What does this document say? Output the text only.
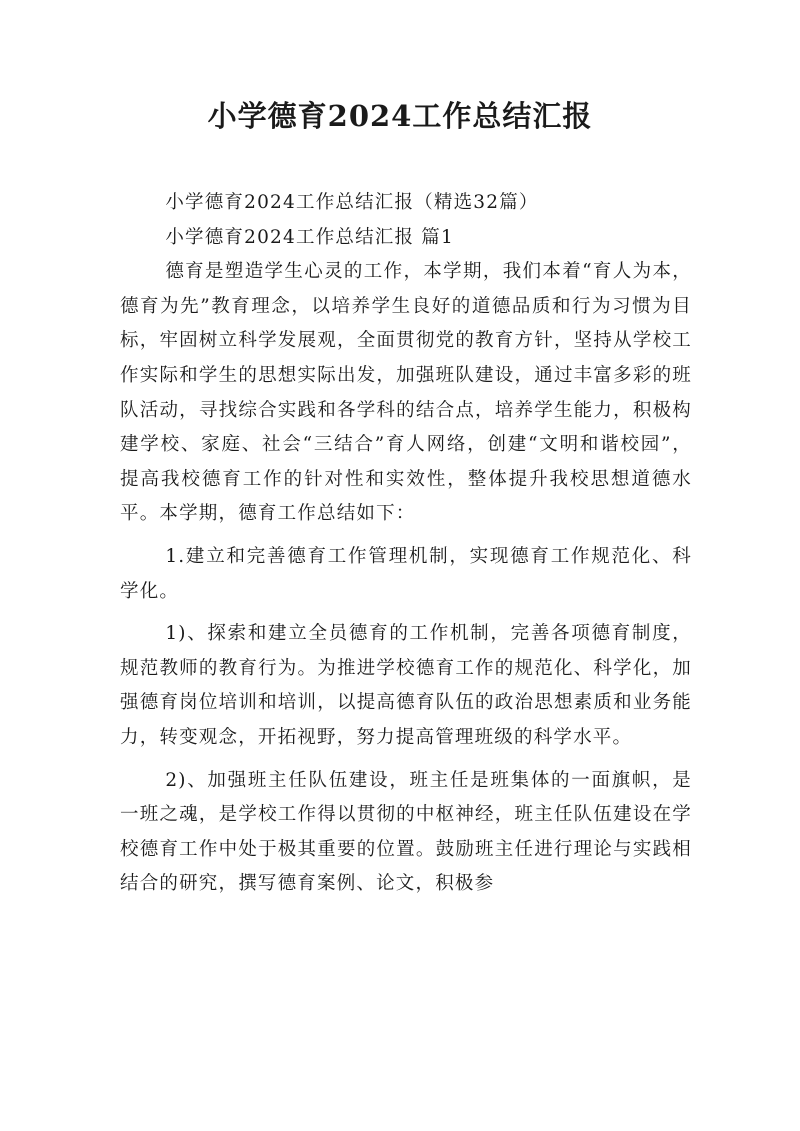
小学德育2024工作总结汇报

小学德育2024工作总结汇报（精选32篇）

小学德育2024工作总结汇报 篇1

德育是塑造学生心灵的工作，本学期，我们本着“育人为本，德育为先”教育理念，以培养学生良好的道德品质和行为习惯为目标，牢固树立科学发展观，全面贯彻党的教育方针，坚持从学校工作实际和学生的思想实际出发，加强班队建设，通过丰富多彩的班队活动，寻找综合实践和各学科的结合点，培养学生能力，积极构建学校、家庭、社会“三结合”育人网络，创建“文明和谐校园”，提高我校德育工作的针对性和实效性，整体提升我校思想道德水平。本学期，德育工作总结如下：

1.建立和完善德育工作管理机制，实现德育工作规范化、科学化。

1)、探索和建立全员德育的工作机制，完善各项德育制度，规范教师的教育行为。为推进学校德育工作的规范化、科学化，加强德育岗位培训和培训，以提高德育队伍的政治思想素质和业务能力，转变观念，开拓视野，努力提高管理班级的科学水平。

2)、加强班主任队伍建设，班主任是班集体的一面旗帜，是一班之魂，是学校工作得以贯彻的中枢神经，班主任队伍建设在学校德育工作中处于极其重要的位置。鼓励班主任进行理论与实践相结合的研究，撰写德育案例、论文，积极参
